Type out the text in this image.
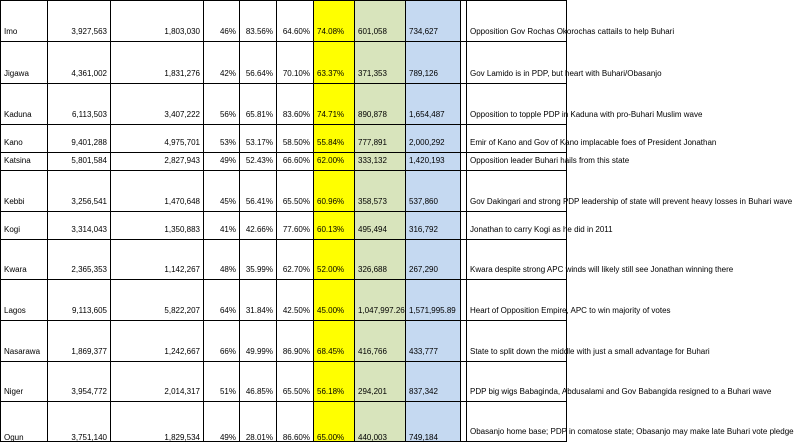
Imo	3,927,563	1,803,030	46%	83.56%	64.60%	74.08%	601,058	734,627		Opposition Gov Rochas Okorochas cattails to help Buhari
Jigawa	4,361,002	1,831,276	42%	56.64%	70.10%	63.37%	371,353	789,126		Gov Lamido is in PDP, but heart with Buhari/Obasanjo
Kaduna	6,113,503	3,407,222	56%	65.81%	83.60%	74.71%	890,878	1,654,487		Opposition to topple PDP in Kaduna with pro-Buhari Muslim wave
Kano	9,401,288	4,975,701	53%	53.17%	58.50%	55.84%	777,891	2,000,292		Emir of Kano and Gov of Kano implacable foes of President Jonathan
Katsina	5,801,584	2,827,943	49%	52.43%	66.60%	62.00%	333,132	1,420,193		Opposition leader Buhari hails from this state
Kebbi	3,256,541	1,470,648	45%	56.41%	65.50%	60.96%	358,573	537,860		Gov Dakingari and strong PDP leadership of state will prevent heavy losses in Buhari wave
Kogi	3,314,043	1,350,883	41%	42.66%	77.60%	60.13%	495,494	316,792		Jonathan to carry Kogi as he did in 2011
Kwara	2,365,353	1,142,267	48%	35.99%	62.70%	52.00%	326,688	267,290		Kwara despite strong APC winds will likely still see Jonathan winning there
Lagos	9,113,605	5,822,207	64%	31.84%	42.50%	45.00%	1,047,997.26	1,571,995.89		Heart of Opposition Empire, APC to win majority of votes
Nasarawa	1,869,377	1,242,667	66%	49.99%	86.90%	68.45%	416,766	433,777		State to split down the middle with just a small advantage for Buhari
Niger	3,954,772	2,014,317	51%	46.85%	65.50%	56.18%	294,201	837,342		PDP big wigs Babaginda, Abdusalami and Gov Babangida resigned to a Buhari wave
Ogun	3,751,140	1,829,534	49%	28.01%	86.60%	65.00%	440,003	749,184		Obasanjo home base; PDP in comatose state; Obasanjo may make late Buhari vote pledge
